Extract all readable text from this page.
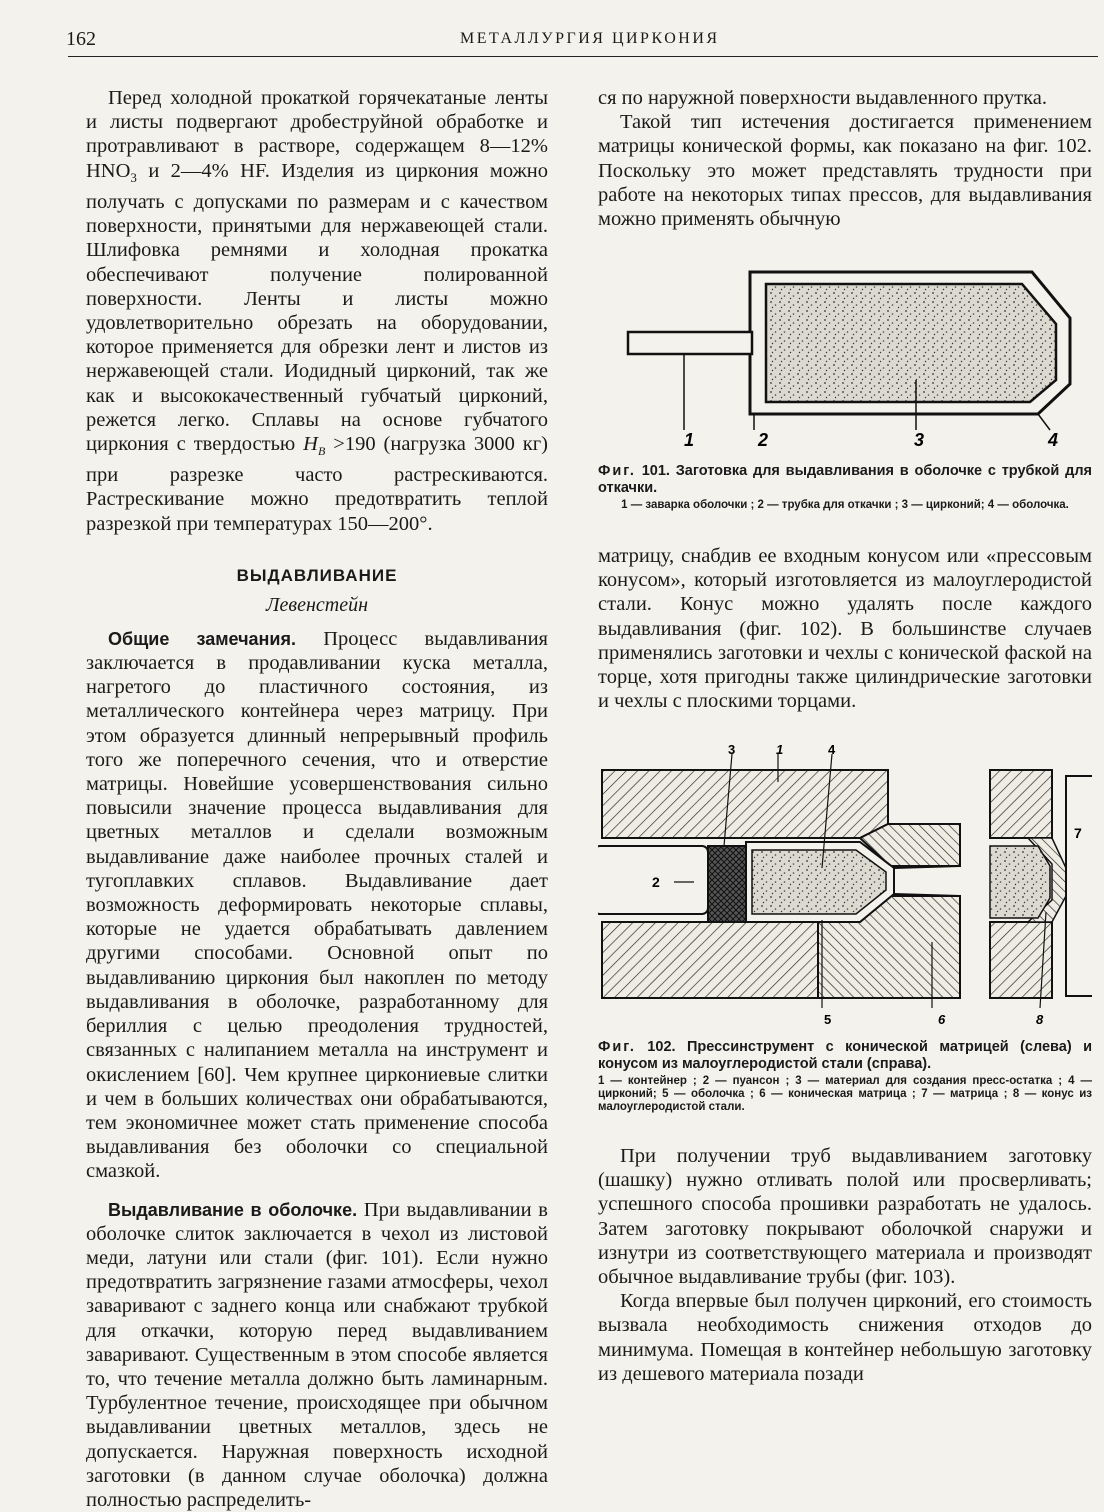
162	МЕТАЛЛУРГИЯ ЦИРКОНИЯ

Перед холодной прокаткой горячекатаные ленты и листы подвергают дробеструйной обработке и протравливают в растворе, содержащем 8—12% $HNO_3$ и 2—4% HF. Изделия из циркония можно получать с допусками по размерам и с качеством поверхности, принятыми для нержавеющей стали. Шлифовка ремнями и холодная прокатка обеспечивают получение полированной поверхности. Ленты и листы можно удовлетворительно обрезать на оборудовании, которое применяется для обрезки лент и листов из нержавеющей стали. Иодидный цирконий, так же как и высококачественный губчатый цирконий, режется легко. Сплавы на основе губчатого циркония с твердостью $H_B >190$ (нагрузка 3000 кг) при разрезке часто растрескиваются. Растрескивание можно предотвратить теплой разрезкой при температурах 150—200°.

ВЫДАВЛИВАНИЕ
Левенстейн

Общие замечания. Процесс выдавливания заключается в продавливании куска металла, нагретого до пластичного состояния, из металлического контейнера через матрицу. При этом образуется длинный непрерывный профиль того же поперечного сечения, что и отверстие матрицы. Новейшие усовершенствования сильно повысили значение процесса выдавливания для цветных металлов и сделали возможным выдавливание даже наиболее прочных сталей и тугоплавких сплавов. Выдавливание дает возможность деформировать некоторые сплавы, которые не удается обрабатывать давлением другими способами. Основной опыт по выдавливанию циркония был накоплен по методу выдавливания в оболочке, разработанному для бериллия с целью преодоления трудностей, связанных с налипанием металла на инструмент и окислением [60]. Чем крупнее циркониевые слитки и чем в больших количествах они обрабатываются, тем экономичнее может стать применение способа выдавливания без оболочки со специальной смазкой.

Выдавливание в оболочке. При выдавливании в оболочке слиток заключается в чехол из листовой меди, латуни или стали (фиг. 101). Если нужно предотвратить загрязнение газами атмосферы, чехол заваривают с заднего конца или снабжают трубкой для откачки, которую перед выдавливанием заваривают. Существенным в этом способе является то, что течение металла должно быть ламинарным. Турбулентное течение, происходящее при обычном выдавливании цветных металлов, здесь не допускается. Наружная поверхность исходной заготовки (в данном случае оболочка) должна полностью распределить-

ся по наружной поверхности выдавленного прутка.

Такой тип истечения достигается применением матрицы конической формы, как показано на фиг. 102. Поскольку это может представлять трудности при работе на некоторых типах прессов, для выдавливания можно применять обычную

1	2	3	4
Фиг. 101. Заготовка для выдавливания в оболочке с трубкой для откачки.
1 — заварка оболочки ; 2 — трубка для откачки ; 3 — цирконий; 4 — оболочка.

матрицу, снабдив ее входным конусом или «прессовым конусом», который изготовляется из малоуглеродистой стали. Конус можно удалять после каждого выдавливания (фиг. 102). В большинстве случаев применялись заготовки и чехлы с конической фаской на торце, хотя пригодны также цилиндрические заготовки и чехлы с плоскими торцами.

3	1	4
2
5	6
7
8
Фиг. 102. Прессинструмент с конической матрицей (слева) и конусом из малоуглеродистой стали (справа).
1 — контейнер ; 2 — пуансон ; 3 — материал для создания пресс-остатка ; 4 — цирконий; 5 — оболочка ; 6 — коническая матрица ; 7 — матрица ; 8 — конус из малоуглеродистой стали.

При получении труб выдавливанием заготовку (шашку) нужно отливать полой или просверливать; успешного способа прошивки разработать не удалось. Затем заготовку покрывают оболочкой снаружи и изнутри из соответствующего материала и производят обычное выдавливание трубы (фиг. 103).

Когда впервые был получен цирконий, его стоимость вызвала необходимость снижения отходов до минимума. Помещая в контейнер небольшую заготовку из дешевого материала позади
